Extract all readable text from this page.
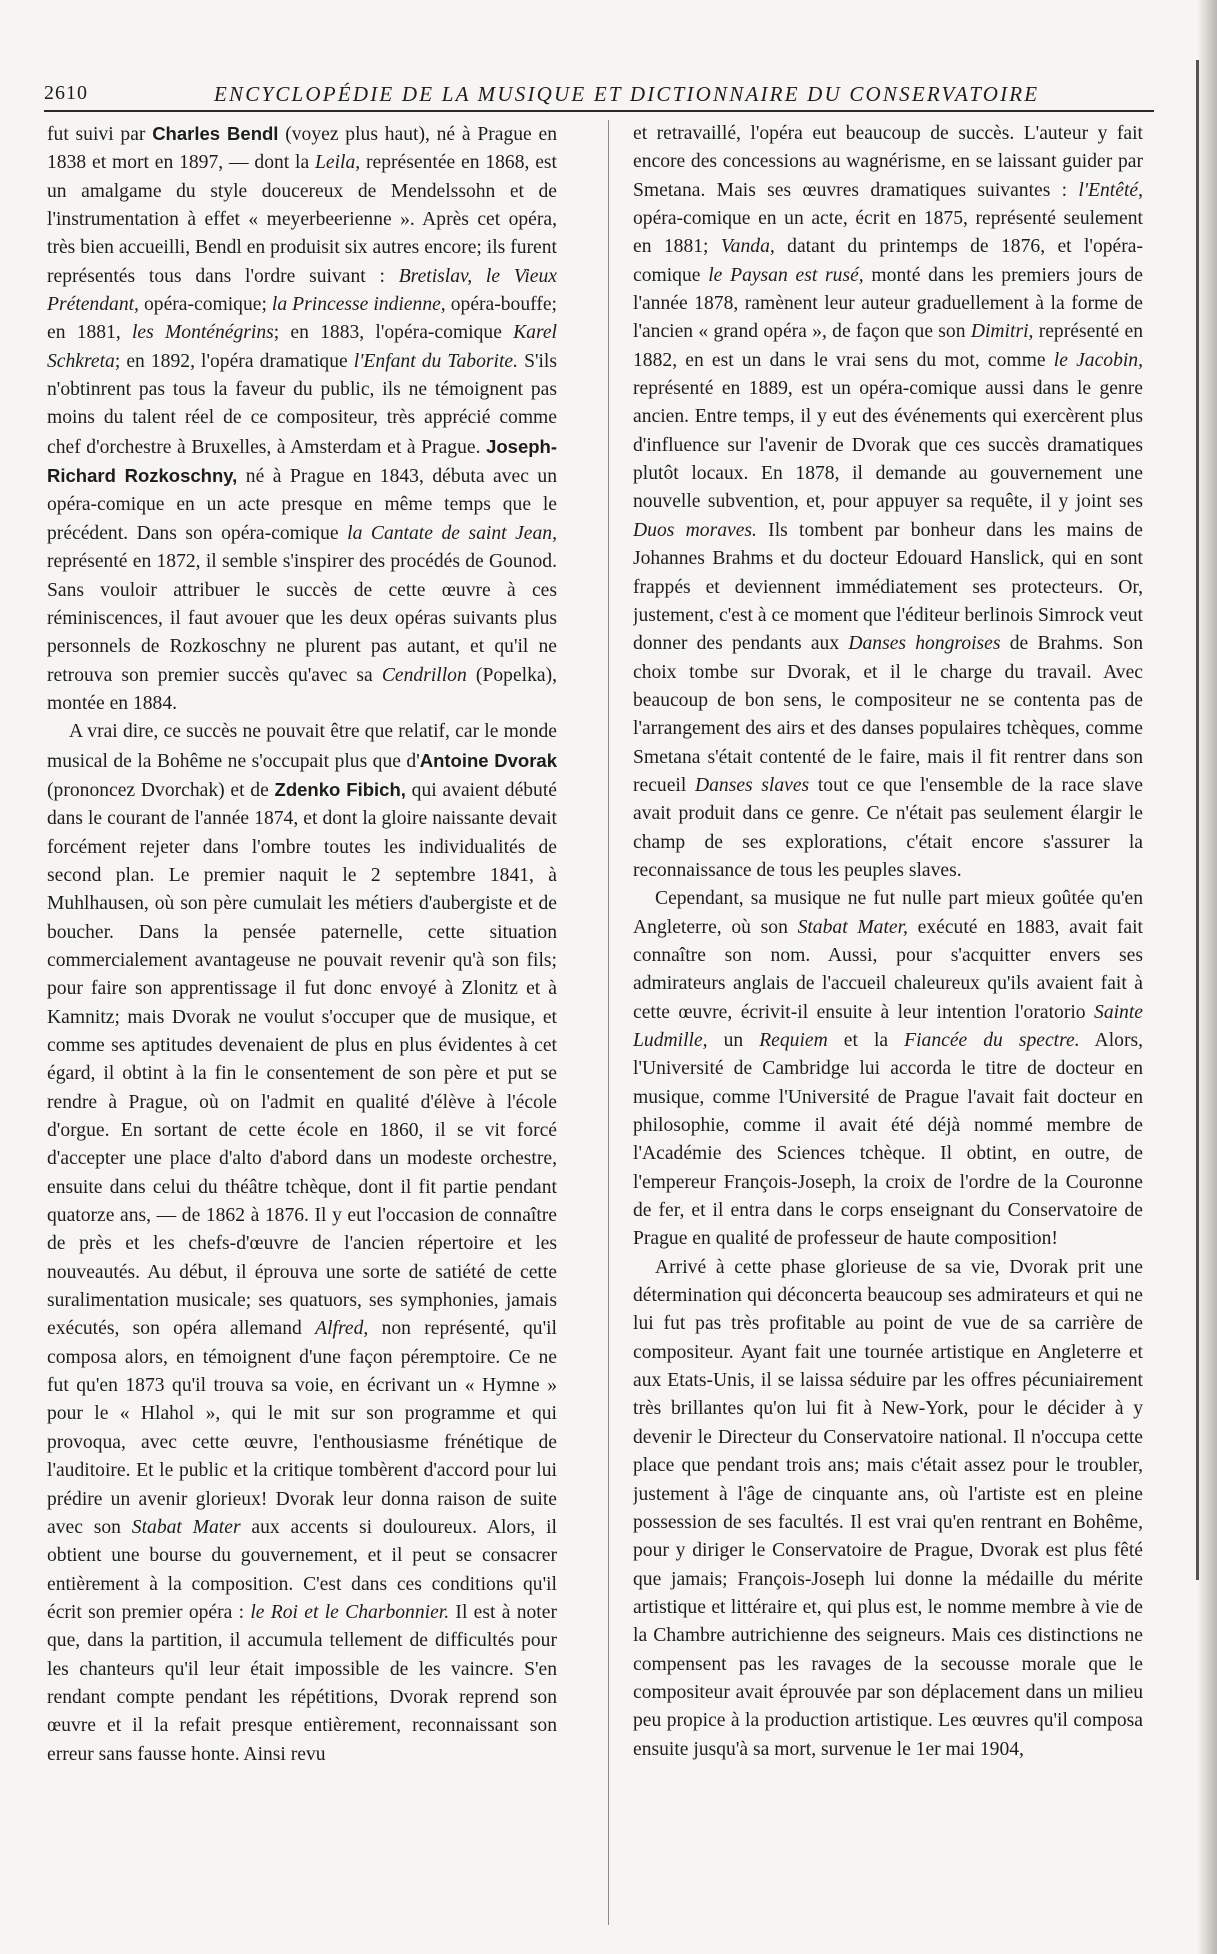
2610	ENCYCLOPÉDIE DE LA MUSIQUE ET DICTIONNAIRE DU CONSERVATOIRE

fut suivi par Charles Bendl (voyez plus haut), né à Prague en 1838 et mort en 1897, — dont la Leila, représentée en 1868, est un amalgame du style doucereux de Mendelssohn et de l'instrumentation à effet « meyerbeerienne ». Après cet opéra, très bien accueilli, Bendl en produisit six autres encore; ils furent représentés tous dans l'ordre suivant : Bretislav, le Vieux Prétendant, opéra-comique; la Princesse indienne, opéra-bouffe; en 1881, les Monténégrins; en 1883, l'opéra-comique Karel Schkreta; en 1892, l'opéra dramatique l'Enfant du Taborite. S'ils n'obtinrent pas tous la faveur du public, ils ne témoignent pas moins du talent réel de ce compositeur, très apprécié comme chef d'orchestre à Bruxelles, à Amsterdam et à Prague. Joseph-Richard Rozkoschny, né à Prague en 1843, débuta avec un opéra-comique en un acte presque en même temps que le précédent. Dans son opéra-comique la Cantate de saint Jean, représenté en 1872, il semble s'inspirer des procédés de Gounod. Sans vouloir attribuer le succès de cette œuvre à ces réminiscences, il faut avouer que les deux opéras suivants plus personnels de Rozkoschny ne plurent pas autant, et qu'il ne retrouva son premier succès qu'avec sa Cendrillon (Popelka), montée en 1884.

A vrai dire, ce succès ne pouvait être que relatif, car le monde musical de la Bohême ne s'occupait plus que d'Antoine Dvorak (prononcez Dvorchak) et de Zdenko Fibich, qui avaient débuté dans le courant de l'année 1874, et dont la gloire naissante devait forcément rejeter dans l'ombre toutes les individualités de second plan. Le premier naquit le 2 septembre 1841, à Muhlhausen, où son père cumulait les métiers d'aubergiste et de boucher. Dans la pensée paternelle, cette situation commercialement avantageuse ne pouvait revenir qu'à son fils; pour faire son apprentissage il fut donc envoyé à Zlonitz et à Kamnitz; mais Dvorak ne voulut s'occuper que de musique, et comme ses aptitudes devenaient de plus en plus évidentes à cet égard, il obtint à la fin le consentement de son père et put se rendre à Prague, où on l'admit en qualité d'élève à l'école d'orgue. En sortant de cette école en 1860, il se vit forcé d'accepter une place d'alto d'abord dans un modeste orchestre, ensuite dans celui du théâtre tchèque, dont il fit partie pendant quatorze ans, — de 1862 à 1876. Il y eut l'occasion de connaître de près et les chefs-d'œuvre de l'ancien répertoire et les nouveautés. Au début, il éprouva une sorte de satiété de cette suralimentation musicale; ses quatuors, ses symphonies, jamais exécutés, son opéra allemand Alfred, non représenté, qu'il composa alors, en témoignent d'une façon péremptoire. Ce ne fut qu'en 1873 qu'il trouva sa voie, en écrivant un « Hymne » pour le « Hlahol », qui le mit sur son programme et qui provoqua, avec cette œuvre, l'enthousiasme frénétique de l'auditoire. Et le public et la critique tombèrent d'accord pour lui prédire un avenir glorieux! Dvorak leur donna raison de suite avec son Stabat Mater aux accents si douloureux. Alors, il obtient une bourse du gouvernement, et il peut se consacrer entièrement à la composition. C'est dans ces conditions qu'il écrit son premier opéra : le Roi et le Charbonnier. Il est à noter que, dans la partition, il accumula tellement de difficultés pour les chanteurs qu'il leur était impossible de les vaincre. S'en rendant compte pendant les répétitions, Dvorak reprend son œuvre et il la refait presque entièrement, reconnaissant son erreur sans fausse honte. Ainsi revu

et retravaillé, l'opéra eut beaucoup de succès. L'auteur y fait encore des concessions au wagnérisme, en se laissant guider par Smetana. Mais ses œuvres dramatiques suivantes : l'Entêté, opéra-comique en un acte, écrit en 1875, représenté seulement en 1881; Vanda, datant du printemps de 1876, et l'opéra-comique le Paysan est rusé, monté dans les premiers jours de l'année 1878, ramènent leur auteur graduellement à la forme de l'ancien « grand opéra », de façon que son Dimitri, représenté en 1882, en est un dans le vrai sens du mot, comme le Jacobin, représenté en 1889, est un opéra-comique aussi dans le genre ancien. Entre temps, il y eut des événements qui exercèrent plus d'influence sur l'avenir de Dvorak que ces succès dramatiques plutôt locaux. En 1878, il demande au gouvernement une nouvelle subvention, et, pour appuyer sa requête, il y joint ses Duos moraves. Ils tombent par bonheur dans les mains de Johannes Brahms et du docteur Edouard Hanslick, qui en sont frappés et deviennent immédiatement ses protecteurs. Or, justement, c'est à ce moment que l'éditeur berlinois Simrock veut donner des pendants aux Danses hongroises de Brahms. Son choix tombe sur Dvorak, et il le charge du travail. Avec beaucoup de bon sens, le compositeur ne se contenta pas de l'arrangement des airs et des danses populaires tchèques, comme Smetana s'était contenté de le faire, mais il fit rentrer dans son recueil Danses slaves tout ce que l'ensemble de la race slave avait produit dans ce genre. Ce n'était pas seulement élargir le champ de ses explorations, c'était encore s'assurer la reconnaissance de tous les peuples slaves.

Cependant, sa musique ne fut nulle part mieux goûtée qu'en Angleterre, où son Stabat Mater, exécuté en 1883, avait fait connaître son nom. Aussi, pour s'acquitter envers ses admirateurs anglais de l'accueil chaleureux qu'ils avaient fait à cette œuvre, écrivit-il ensuite à leur intention l'oratorio Sainte Ludmille, un Requiem et la Fiancée du spectre. Alors, l'Université de Cambridge lui accorda le titre de docteur en musique, comme l'Université de Prague l'avait fait docteur en philosophie, comme il avait été déjà nommé membre de l'Académie des Sciences tchèque. Il obtint, en outre, de l'empereur François-Joseph, la croix de l'ordre de la Couronne de fer, et il entra dans le corps enseignant du Conservatoire de Prague en qualité de professeur de haute composition!

Arrivé à cette phase glorieuse de sa vie, Dvorak prit une détermination qui déconcerta beaucoup ses admirateurs et qui ne lui fut pas très profitable au point de vue de sa carrière de compositeur. Ayant fait une tournée artistique en Angleterre et aux Etats-Unis, il se laissa séduire par les offres pécuniairement très brillantes qu'on lui fit à New-York, pour le décider à y devenir le Directeur du Conservatoire national. Il n'occupa cette place que pendant trois ans; mais c'était assez pour le troubler, justement à l'âge de cinquante ans, où l'artiste est en pleine possession de ses facultés. Il est vrai qu'en rentrant en Bohême, pour y diriger le Conservatoire de Prague, Dvorak est plus fêté que jamais; François-Joseph lui donne la médaille du mérite artistique et littéraire et, qui plus est, le nomme membre à vie de la Chambre autrichienne des seigneurs. Mais ces distinctions ne compensent pas les ravages de la secousse morale que le compositeur avait éprouvée par son déplacement dans un milieu peu propice à la production artistique. Les œuvres qu'il composa ensuite jusqu'à sa mort, survenue le 1er mai 1904,
